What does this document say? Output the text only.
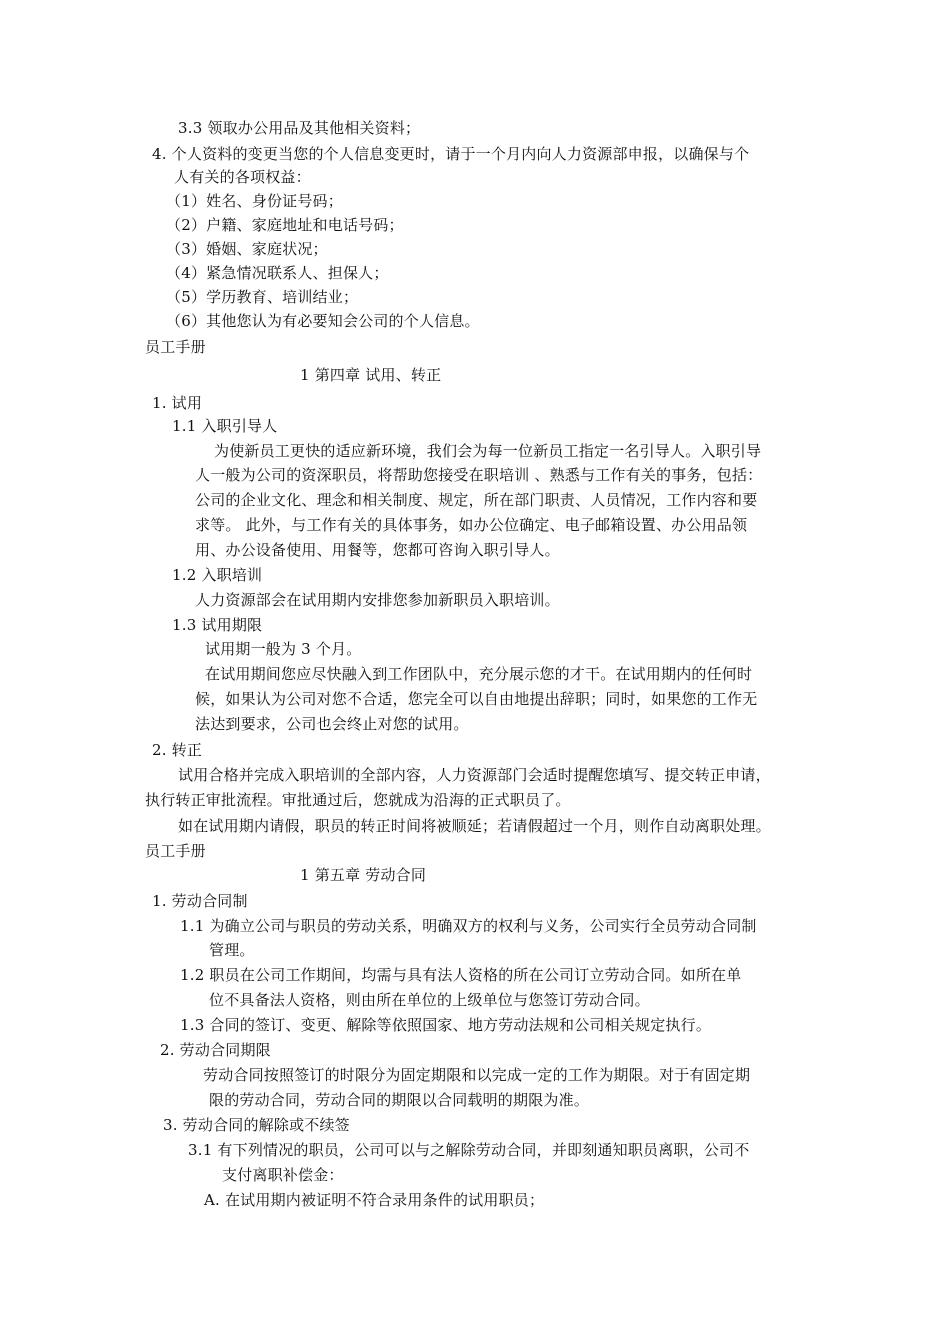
3.3 领取办公用品及其他相关资料；
4. 个人资料的变更当您的个人信息变更时，请于一个月内向人力资源部申报，以确保与个
人有关的各项权益：
（1）姓名、身份证号码；
（2）户籍、家庭地址和电话号码；
（3）婚姻、家庭状况；
（4）紧急情况联系人、担保人；
（5）学历教育、培训结业；
（6）其他您认为有必要知会公司的个人信息。
员工手册
1 第四章 试用、转正
1. 试用
1.1 入职引导人
为使新员工更快的适应新环境，我们会为每一位新员工指定一名引导人。入职引导
人一般为公司的资深职员，将帮助您接受在职培训 、熟悉与工作有关的事务，包括：
公司的企业文化、理念和相关制度、规定，所在部门职责、人员情况，工作内容和要
求等。 此外，与工作有关的具体事务，如办公位确定、电子邮箱设置、办公用品领
用、办公设备使用、用餐等，您都可咨询入职引导人。
1.2 入职培训
人力资源部会在试用期内安排您参加新职员入职培训。
1.3 试用期限
试用期一般为 3 个月。
在试用期间您应尽快融入到工作团队中，充分展示您的才干。在试用期内的任何时
候，如果认为公司对您不合适，您完全可以自由地提出辞职；同时，如果您的工作无
法达到要求，公司也会终止对您的试用。
2. 转正
试用合格并完成入职培训的全部内容，人力资源部门会适时提醒您填写、提交转正申请，
执行转正审批流程。审批通过后，您就成为沿海的正式职员了。
如在试用期内请假，职员的转正时间将被顺延；若请假超过一个月，则作自动离职处理。
员工手册
1 第五章 劳动合同
1. 劳动合同制
1.1 为确立公司与职员的劳动关系，明确双方的权利与义务，公司实行全员劳动合同制
管理。
1.2 职员在公司工作期间，均需与具有法人资格的所在公司订立劳动合同。如所在单
位不具备法人资格，则由所在单位的上级单位与您签订劳动合同。
1.3 合同的签订、变更、解除等依照国家、地方劳动法规和公司相关规定执行。
2. 劳动合同期限
劳动合同按照签订的时限分为固定期限和以完成一定的工作为期限。对于有固定期
限的劳动合同，劳动合同的期限以合同载明的期限为准。
3. 劳动合同的解除或不续签
3.1 有下列情况的职员，公司可以与之解除劳动合同，并即刻通知职员离职，公司不
支付离职补偿金：
A. 在试用期内被证明不符合录用条件的试用职员；
